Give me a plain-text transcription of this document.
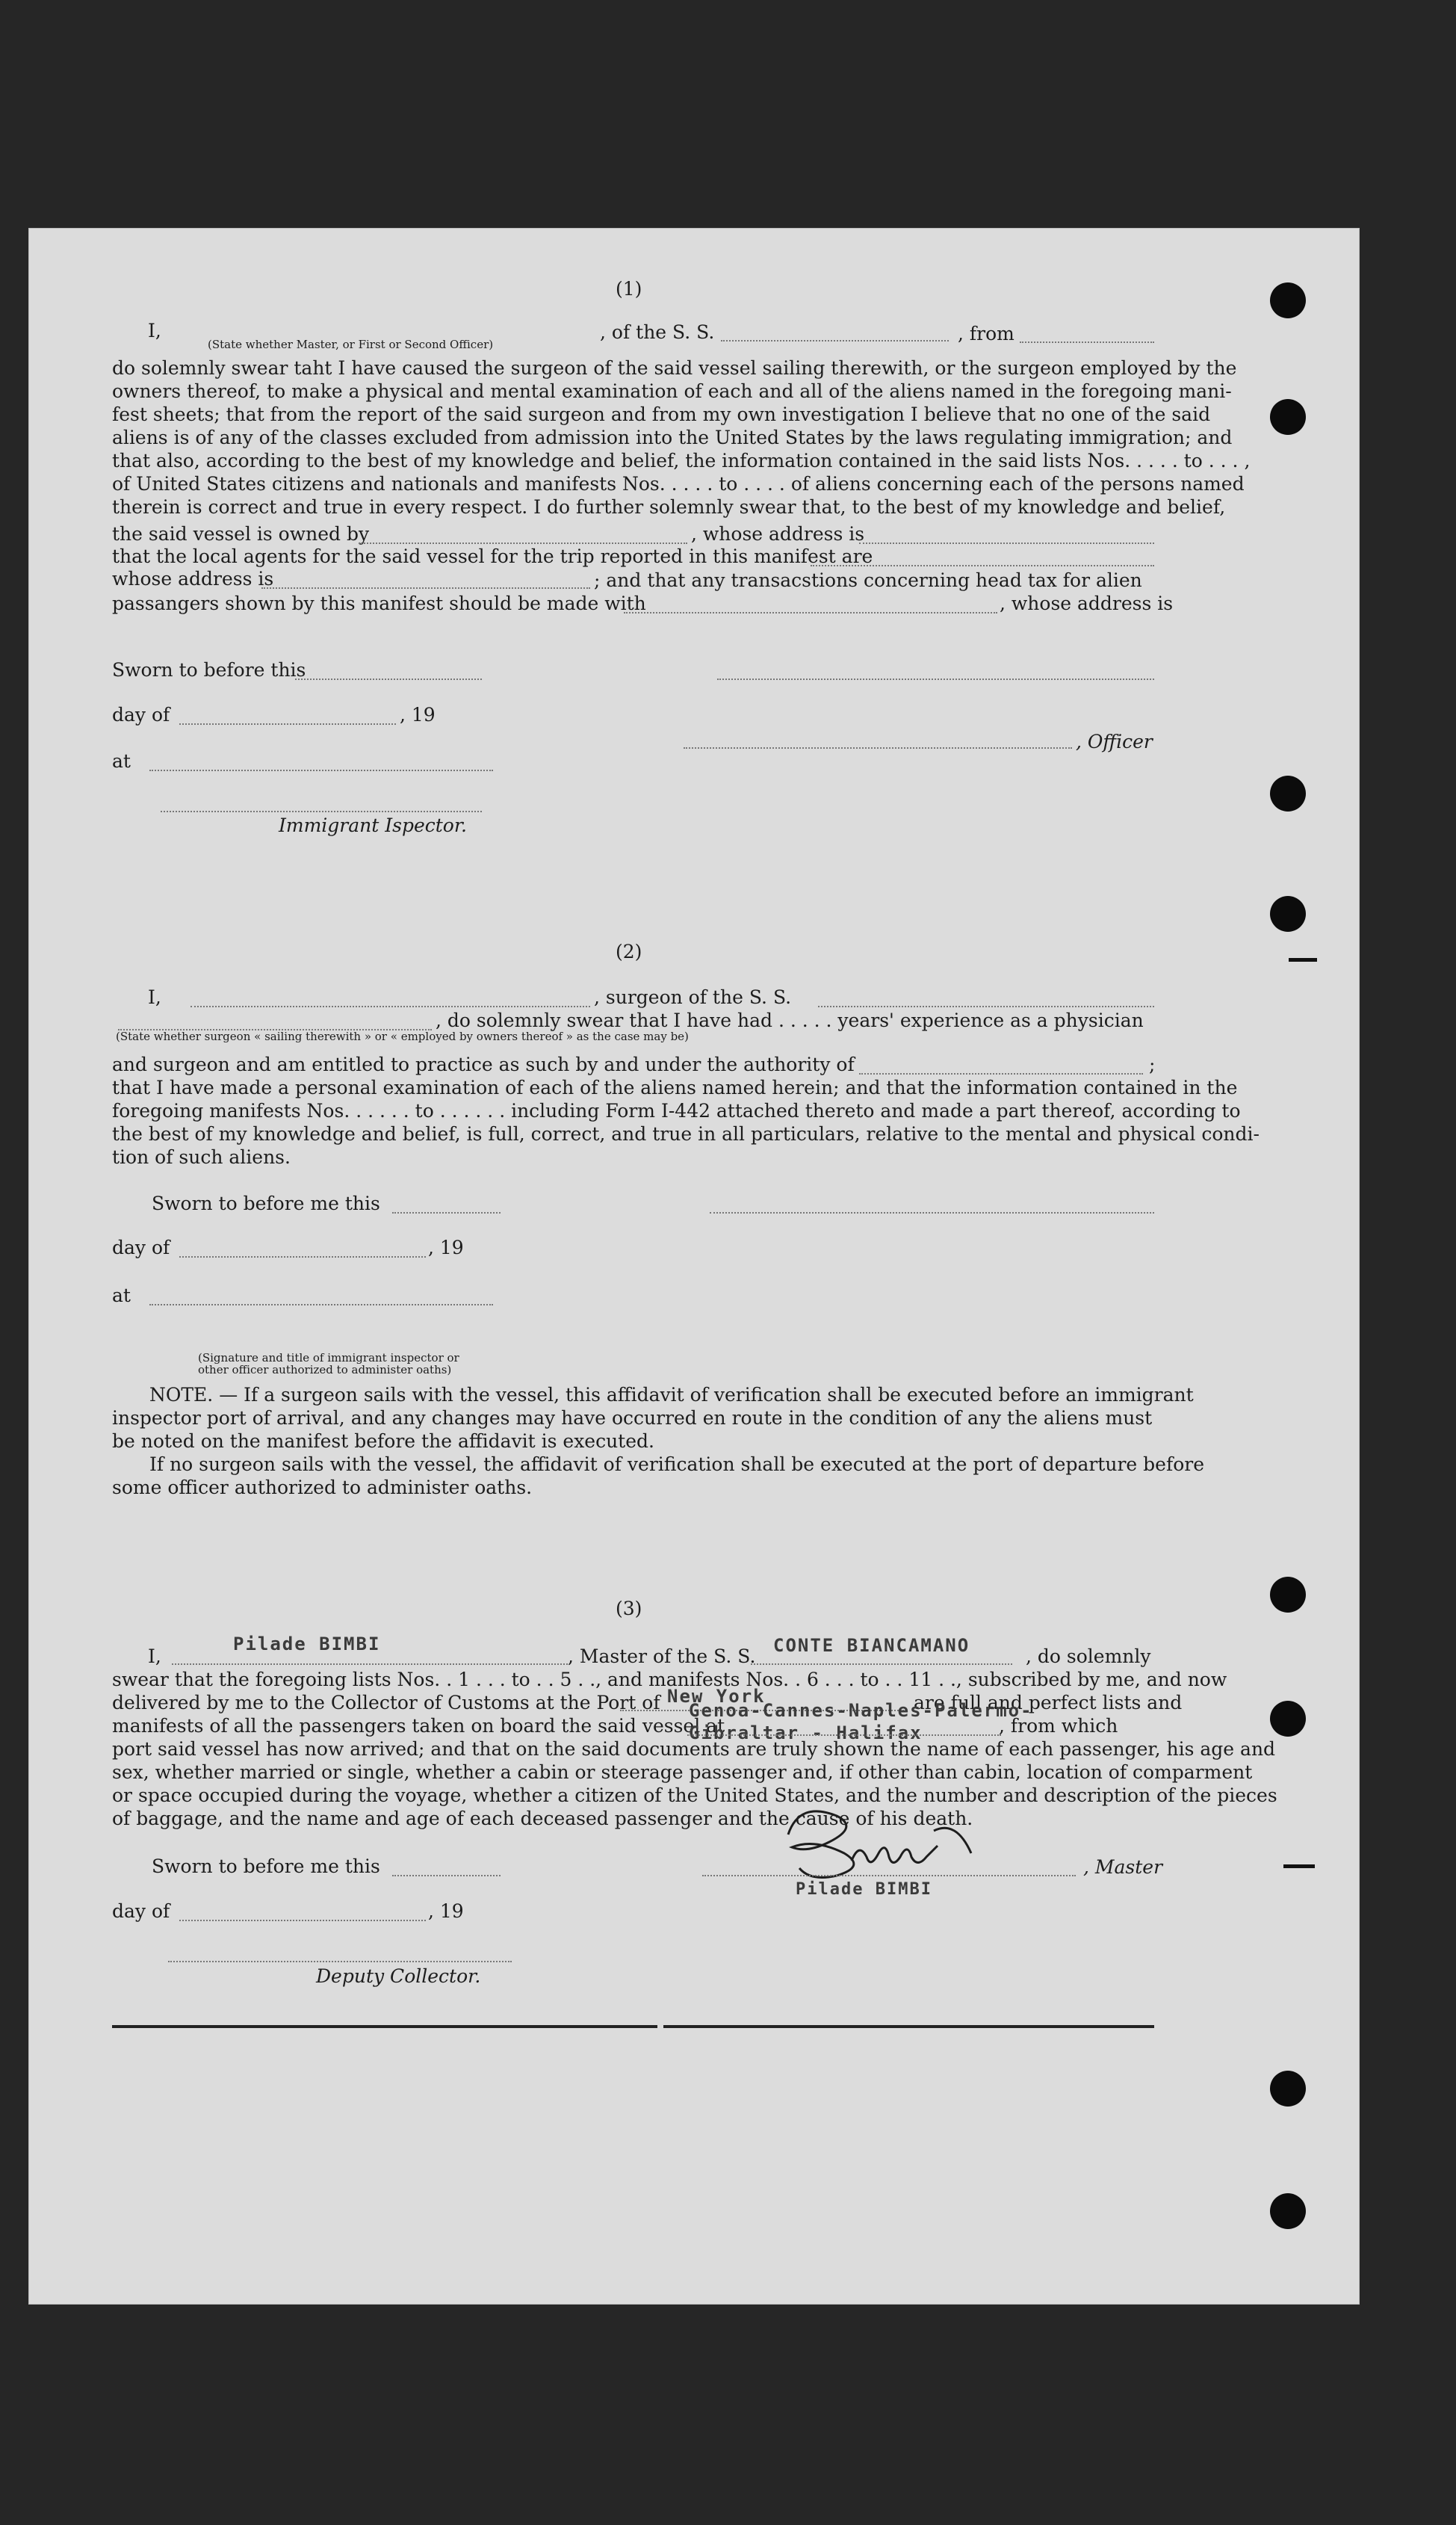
(1)
I,
(State whether Master, or First or Second Officer)
, of the S. S.	, from
do solemnly swear taht I have caused the surgeon of the said vessel sailing therewith, or the surgeon employed by the
owners thereof, to make a physical and mental examination of each and all of the aliens named in the foregoing mani-
fest sheets; that from the report of the said surgeon and from my own investigation I believe that no one of the said
aliens is of any of the classes excluded from admission into the United States by the laws regulating immigration; and
that also, according to the best of my knowledge and belief, the information contained in the said lists Nos. . . . . to . . . ,
of United States citizens and nationals and manifests Nos. . . . . to . . . . of aliens concerning each of the persons named
therein is correct and true in every respect. I do further solemnly swear that, to the best of my knowledge and belief,
the said vessel is owned by	, whose address is
that the local agents for the said vessel for the trip reported in this manifest are
whose address is	; and that any transacstions concerning head tax for alien
passangers shown by this manifest should be made with	, whose address is
Sworn to before this
day of	, 19
, Officer
at
Immigrant Ispector.
(2)
I,	, surgeon of the S. S.
, do solemnly swear that I have had . . . . . years' experience as a physician
(State whether surgeon « sailing therewith » or « employed by owners thereof » as the case may be)
and surgeon and am entitled to practice as such by and under the authority of
that I have made a personal examination of each of the aliens named herein; and that the information contained in the
foregoing manifests Nos. . . . . . to . . . . . . including Form I-442 attached thereto and made a part thereof, according to
the best of my knowledge and belief, is full, correct, and true in all particulars, relative to the mental and physical condi-
tion of such aliens.
;
Sworn to before me this
day of	, 19
at
(Signature and title of immigrant inspector or
other officer authorized to administer oaths)
NOTE. — If a surgeon sails with the vessel, this affidavit of verification shall be executed before an immigrant
inspector port of arrival, and any changes may have occurred en route in the condition of any the aliens must
be noted on the manifest before the affidavit is executed.
If no surgeon sails with the vessel, the affidavit of verification shall be executed at the port of departure before
some officer authorized to administer oaths.
(3)
I,
Pilade BIMBI
, Master of the S. S. CONTE BIANCAMANO	, do solemnly
swear that the foregoing lists Nos. . 1 . . . to . . 5 . ., and manifests Nos. . 6 . . . to . . 11 . ., subscribed by me, and now
delivered by me to the Collector of Customs at the Port of New York	are full and perfect lists and
manifests of all the passengers taken on board the said vessel at
Genoa-Cannes-Naples-Palermo-
Gibraltar - Halifax	, from which
port said vessel has now arrived; and that on the said documents are truly shown the name of each passenger, his age and
sex, whether married or single, whether a cabin or steerage passenger and, if other than cabin, location of comparment
or space occupied during the voyage, whether a citizen of the United States, and the number and description of the pieces
of baggage, and the name and age of each deceased passenger and the cause of his death.
Sworn to before me this	, Master
Pilade BIMBI
day of	, 19
Deputy Collector.
